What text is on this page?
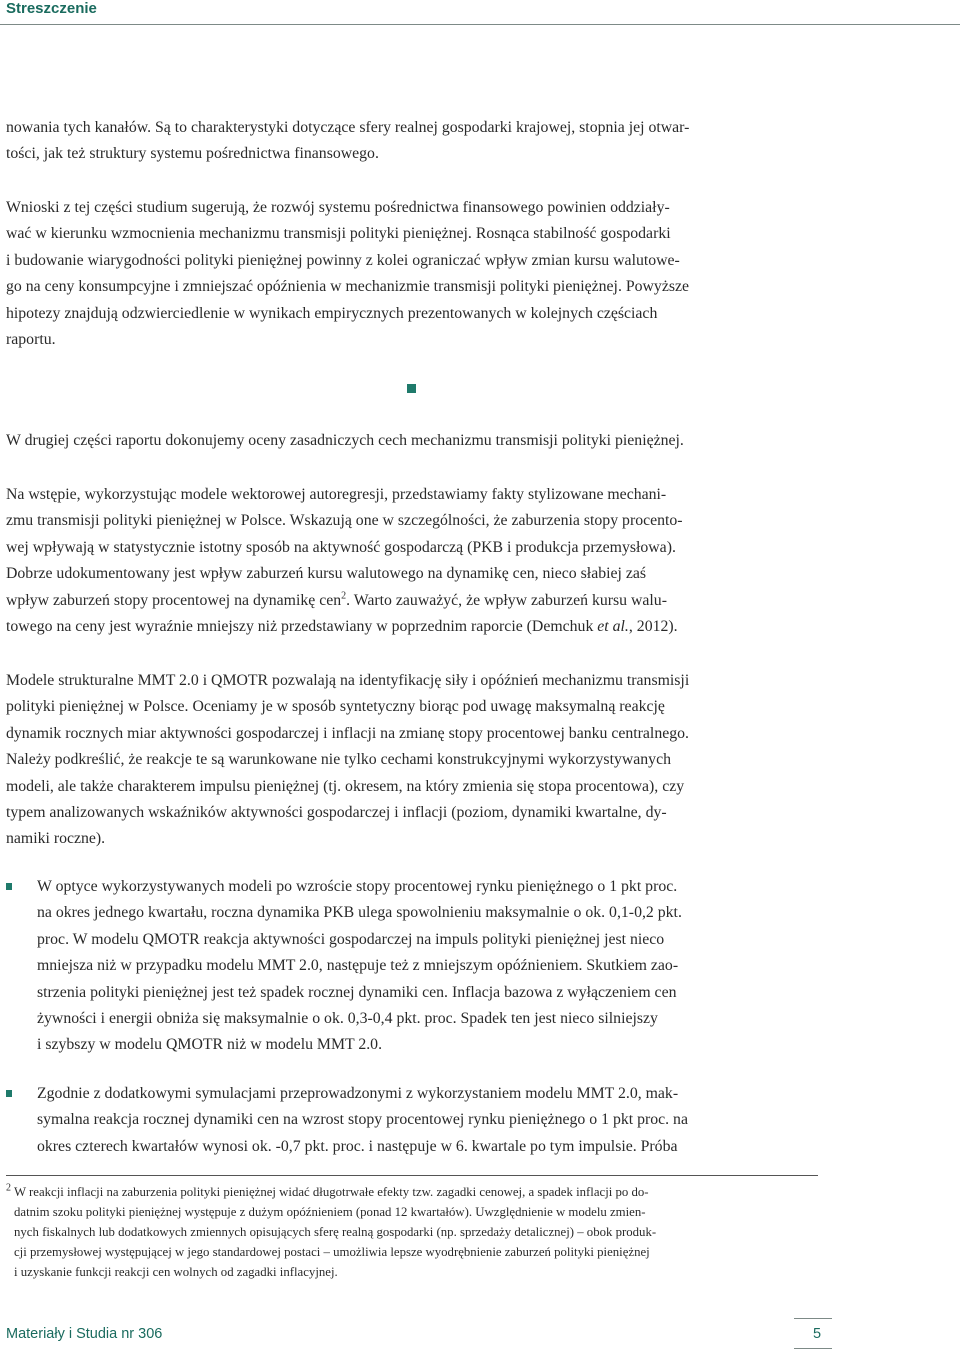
Streszczenie

nowania tych kanałów. Są to charakterystyki dotyczące sfery realnej gospodarki krajowej, stopnia jej otwar-
tości, jak też struktury systemu pośrednictwa finansowego.

Wnioski z tej części studium sugerują, że rozwój systemu pośrednictwa finansowego powinien oddziały-
wać w kierunku wzmocnienia mechanizmu transmisji polityki pieniężnej. Rosnąca stabilność gospodarki
i budowanie wiarygodności polityki pieniężnej powinny z kolei ograniczać wpływ zmian kursu walutowe-
go na ceny konsumpcyjne i zmniejszać opóźnienia w mechanizmie transmisji polityki pieniężnej. Powyższe
hipotezy znajdują odzwierciedlenie w wynikach empirycznych prezentowanych w kolejnych częściach
raportu.

W drugiej części raportu dokonujemy oceny zasadniczych cech mechanizmu transmisji polityki pieniężnej.

Na wstępie, wykorzystując modele wektorowej autoregresji, przedstawiamy fakty stylizowane mechani-
zmu transmisji polityki pieniężnej w Polsce. Wskazują one w szczególności, że zaburzenia stopy procento-
wej wpływają w statystycznie istotny sposób na aktywność gospodarczą (PKB i produkcja przemysłowa).
Dobrze udokumentowany jest wpływ zaburzeń kursu walutowego na dynamikę cen, nieco słabiej zaś
wpływ zaburzeń stopy procentowej na dynamikę cen$^2$. Warto zauważyć, że wpływ zaburzeń kursu walu-
towego na ceny jest wyraźnie mniejszy niż przedstawiany w poprzednim raporcie (Demchuk et al., 2012).

Modele strukturalne MMT 2.0 i QMOTR pozwalają na identyfikację siły i opóźnień mechanizmu transmisji
polityki pieniężnej w Polsce. Oceniamy je w sposób syntetyczny biorąc pod uwagę maksymalną reakcję
dynamik rocznych miar aktywności gospodarczej i inflacji na zmianę stopy procentowej banku centralnego.
Należy podkreślić, że reakcje te są warunkowane nie tylko cechami konstrukcyjnymi wykorzystywanych
modeli, ale także charakterem impulsu pieniężnej (tj. okresem, na który zmienia się stopa procentowa), czy
typem analizowanych wskaźników aktywności gospodarczej i inflacji (poziom, dynamiki kwartalne, dy-
namiki roczne).

W optyce wykorzystywanych modeli po wzroście stopy procentowej rynku pieniężnego o 1 pkt proc.
na okres jednego kwartału, roczna dynamika PKB ulega spowolnieniu maksymalnie o ok. 0,1-0,2 pkt.
proc. W modelu QMOTR reakcja aktywności gospodarczej na impuls polityki pieniężnej jest nieco
mniejsza niż w przypadku modelu MMT 2.0, następuje też z mniejszym opóźnieniem. Skutkiem zao-
strzenia polityki pieniężnej jest też spadek rocznej dynamiki cen. Inflacja bazowa z wyłączeniem cen
żywności i energii obniża się maksymalnie o ok. 0,3-0,4 pkt. proc. Spadek ten jest nieco silniejszy
i szybszy w modelu QMOTR niż w modelu MMT 2.0.

Zgodnie z dodatkowymi symulacjami przeprowadzonymi z wykorzystaniem modelu MMT 2.0, mak-
symalna reakcja rocznej dynamiki cen na wzrost stopy procentowej rynku pieniężnego o 1 pkt proc. na
okres czterech kwartałów wynosi ok. -0,7 pkt. proc. i następuje w 6. kwartale po tym impulsie. Próba

$^2$ W reakcji inflacji na zaburzenia polityki pieniężnej widać długotrwałe efekty tzw. zagadki cenowej, a spadek inflacji po do-
datnim szoku polityki pieniężnej występuje z dużym opóźnieniem (ponad 12 kwartałów). Uwzględnienie w modelu zmien-
nych fiskalnych lub dodatkowych zmiennych opisujących sferę realną gospodarki (np. sprzedaży detalicznej) – obok produk-
cji przemysłowej występującej w jego standardowej postaci – umożliwia lepsze wyodrębnienie zaburzeń polityki pieniężnej
i uzyskanie funkcji reakcji cen wolnych od zagadki inflacyjnej.

Materiały i Studia nr 306	5
